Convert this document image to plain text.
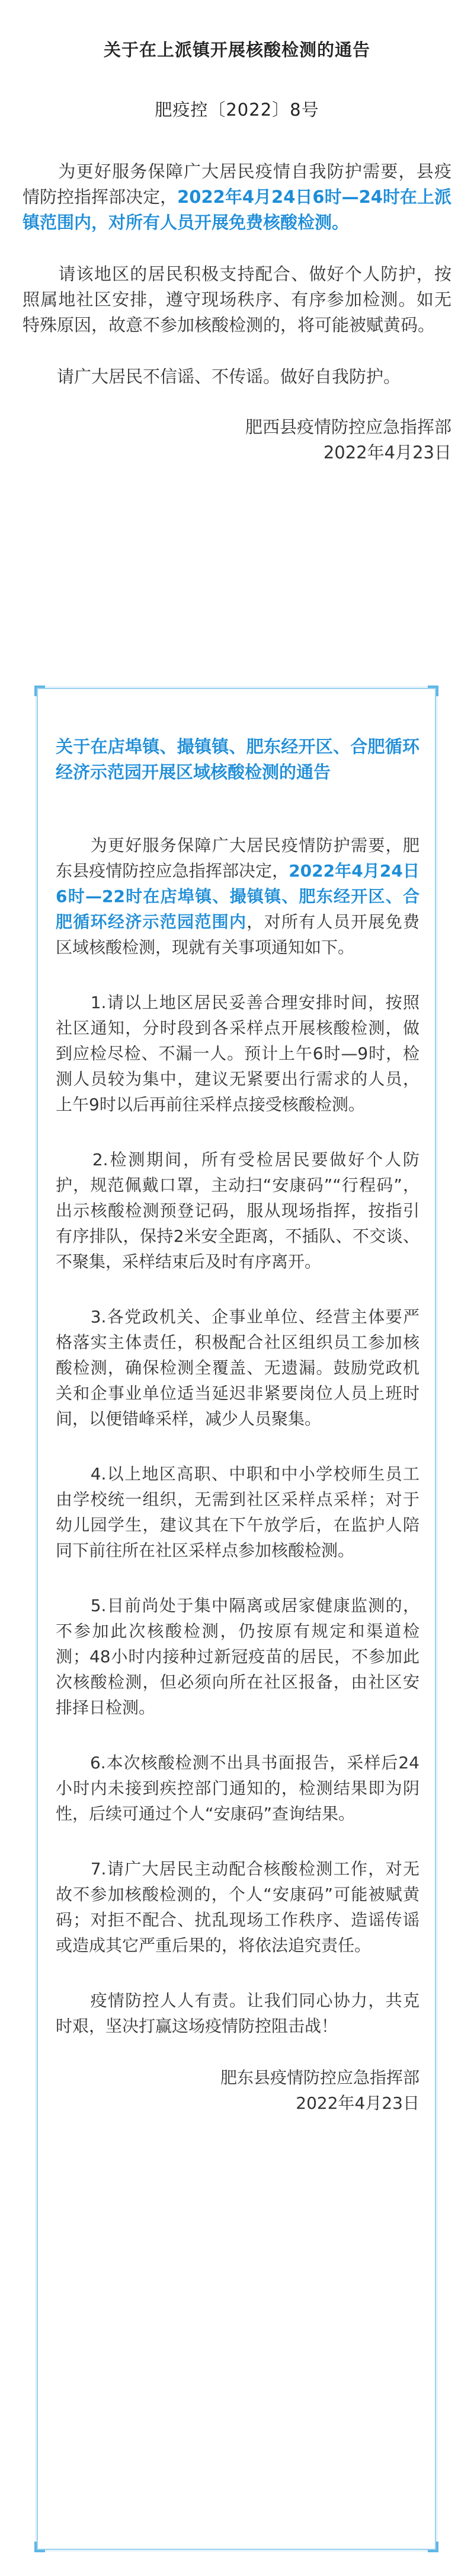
关于在上派镇开展核酸检测的通告
肥疫控〔2022〕8号

　　为更好服务保障广大居民疫情自我防护需要，县疫情防控指挥部决定，2022年4月24日6时—24时在上派镇范围内，对所有人员开展免费核酸检测。

　　请该地区的居民积极支持配合、做好个人防护，按照属地社区安排，遵守现场秩序、有序参加检测。如无特殊原因，故意不参加核酸检测的，将可能被赋黄码。

　　请广大居民不信谣、不传谣。做好自我防护。

肥西县疫情防控应急指挥部
2022年4月23日
关于在店埠镇、撮镇镇、肥东经开区、合肥循环经济示范园开展区域核酸检测的通告

　　为更好服务保障广大居民疫情防护需要，肥东县疫情防控应急指挥部决定，2022年4月24日6时—22时在店埠镇、撮镇镇、肥东经开区、合肥循环经济示范园范围内，对所有人员开展免费区域核酸检测，现就有关事项通知如下。

　　1.请以上地区居民妥善合理安排时间，按照社区通知，分时段到各采样点开展核酸检测，做到应检尽检、不漏一人。预计上午6时—9时，检测人员较为集中，建议无紧要出行需求的人员，上午9时以后再前往采样点接受核酸检测。

　　2.检测期间，所有受检居民要做好个人防护，规范佩戴口罩，主动扫“安康码”“行程码”，出示核酸检测预登记码，服从现场指挥，按指引有序排队，保持2米安全距离，不插队、不交谈、不聚集，采样结束后及时有序离开。

　　3.各党政机关、企事业单位、经营主体要严格落实主体责任，积极配合社区组织员工参加核酸检测，确保检测全覆盖、无遗漏。鼓励党政机关和企事业单位适当延迟非紧要岗位人员上班时间，以便错峰采样，减少人员聚集。

　　4.以上地区高职、中职和中小学校师生员工由学校统一组织，无需到社区采样点采样；对于幼儿园学生，建议其在下午放学后，在监护人陪同下前往所在社区采样点参加核酸检测。

　　5.目前尚处于集中隔离或居家健康监测的，不参加此次核酸检测，仍按原有规定和渠道检测；48小时内接种过新冠疫苗的居民，不参加此次核酸检测，但必须向所在社区报备，由社区安排择日检测。

　　6.本次核酸检测不出具书面报告，采样后24小时内未接到疾控部门通知的，检测结果即为阴性，后续可通过个人“安康码”查询结果。

　　7.请广大居民主动配合核酸检测工作，对无故不参加核酸检测的，个人“安康码”可能被赋黄码；对拒不配合、扰乱现场工作秩序、造谣传谣或造成其它严重后果的，将依法追究责任。

　　疫情防控人人有责。让我们同心协力，共克时艰，坚决打赢这场疫情防控阻击战！

肥东县疫情防控应急指挥部
2022年4月23日
